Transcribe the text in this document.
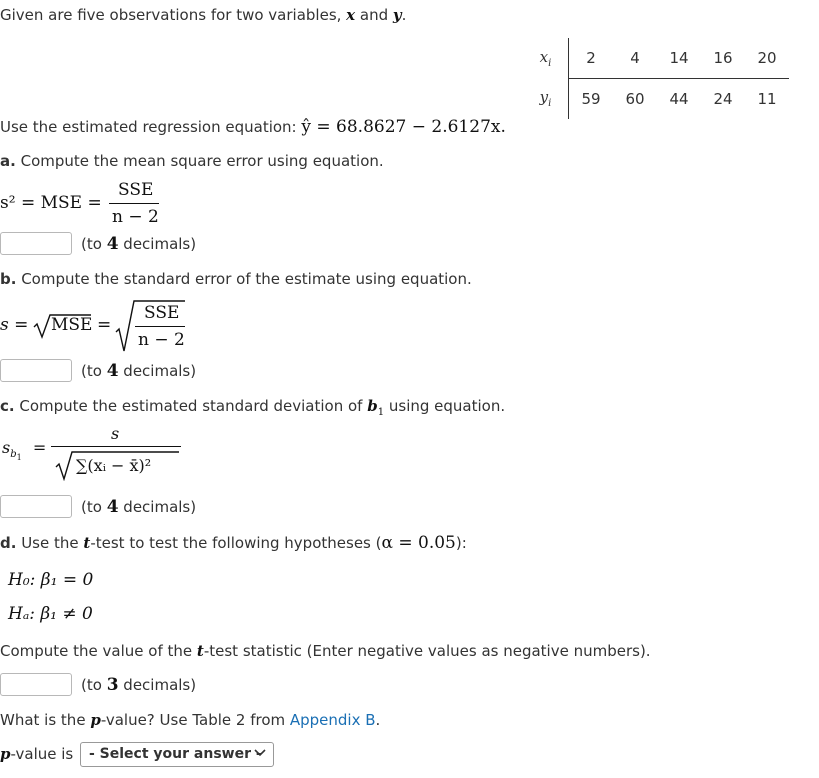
Given are five observations for two variables, x and y.
$x_i$	2	4	14	16	20
$y_i$	59	60	44	24	11
Use the estimated regression equation: ŷ = 68.8627 − 2.6127x.
a. Compute the mean square error using equation.
s² = MSE =
SSE
n − 2
(to 4 decimals)
b. Compute the standard error of the estimate using equation.
s = MSE =
SSE
n − 2
(to 4 decimals)
c. Compute the estimated standard deviation of $b_1$ using equation.
$s_{b_1}$ =
s
∑(xᵢ − x̄)²
(to 4 decimals)
d. Use the t-test to test the following hypotheses (α = 0.05):
H₀: β₁ = 0
Hₐ: β₁ ≠ 0
Compute the value of the t-test statistic (Enter negative values as negative numbers).
(to 3 decimals)
What is the p-value? Use Table 2 from Appendix B.
p-value is	- Select your answer -
